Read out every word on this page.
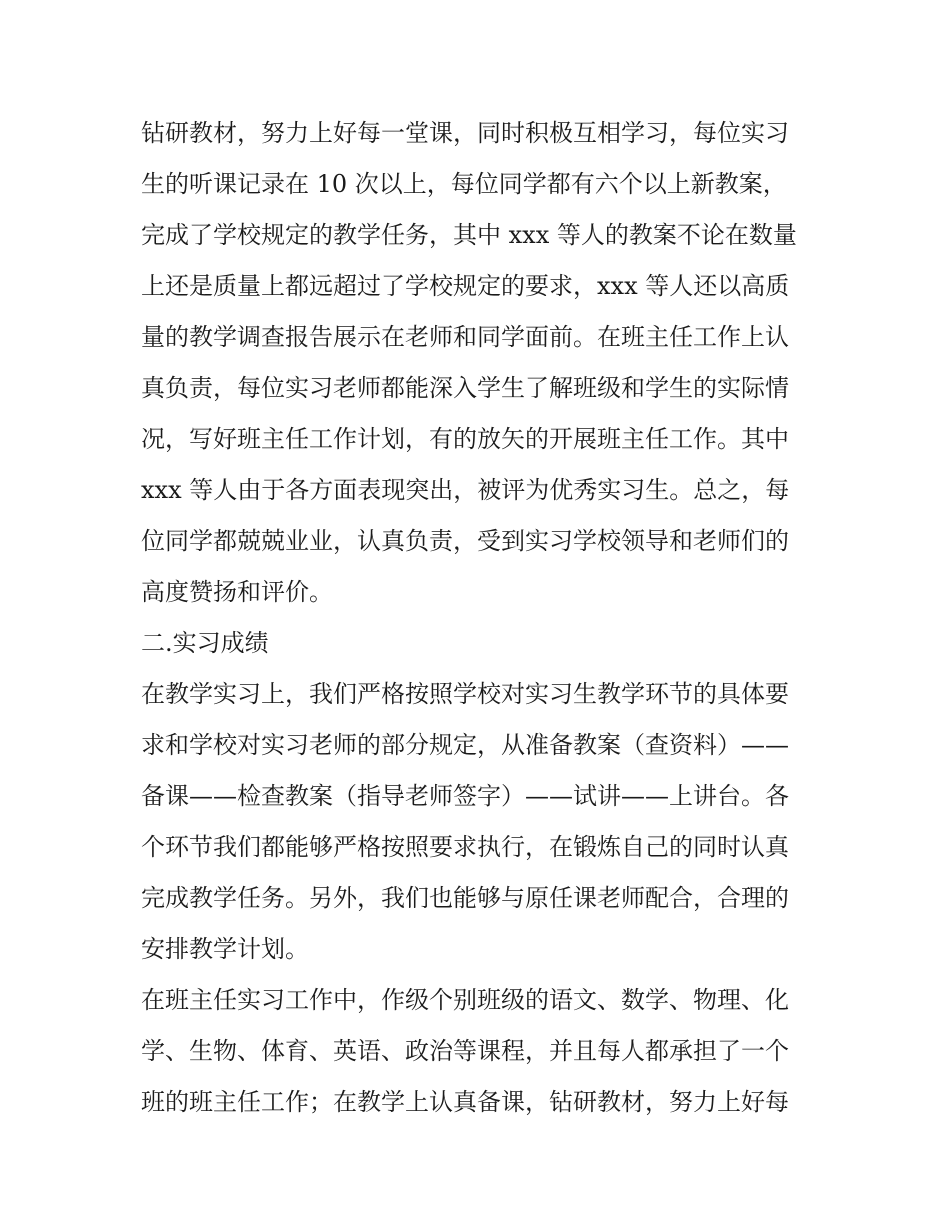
钻研教材，努力上好每一堂课，同时积极互相学习，每位实习
生的听课记录在 10 次以上，每位同学都有六个以上新教案，
完成了学校规定的教学任务，其中 xxx 等人的教案不论在数量
上还是质量上都远超过了学校规定的要求，xxx 等人还以高质
量的教学调查报告展示在老师和同学面前。在班主任工作上认
真负责，每位实习老师都能深入学生了解班级和学生的实际情
况，写好班主任工作计划，有的放矢的开展班主任工作。其中
xxx 等人由于各方面表现突出，被评为优秀实习生。总之，每
位同学都兢兢业业，认真负责，受到实习学校领导和老师们的
高度赞扬和评价。
二.实习成绩
在教学实习上，我们严格按照学校对实习生教学环节的具体要
求和学校对实习老师的部分规定，从准备教案（查资料）——
备课——检查教案（指导老师签字）——试讲——上讲台。各
个环节我们都能够严格按照要求执行，在锻炼自己的同时认真
完成教学任务。另外，我们也能够与原任课老师配合，合理的
安排教学计划。
在班主任实习工作中，作级个别班级的语文、数学、物理、化
学、生物、体育、英语、政治等课程，并且每人都承担了一个
班的班主任工作；在教学上认真备课，钻研教材，努力上好每
